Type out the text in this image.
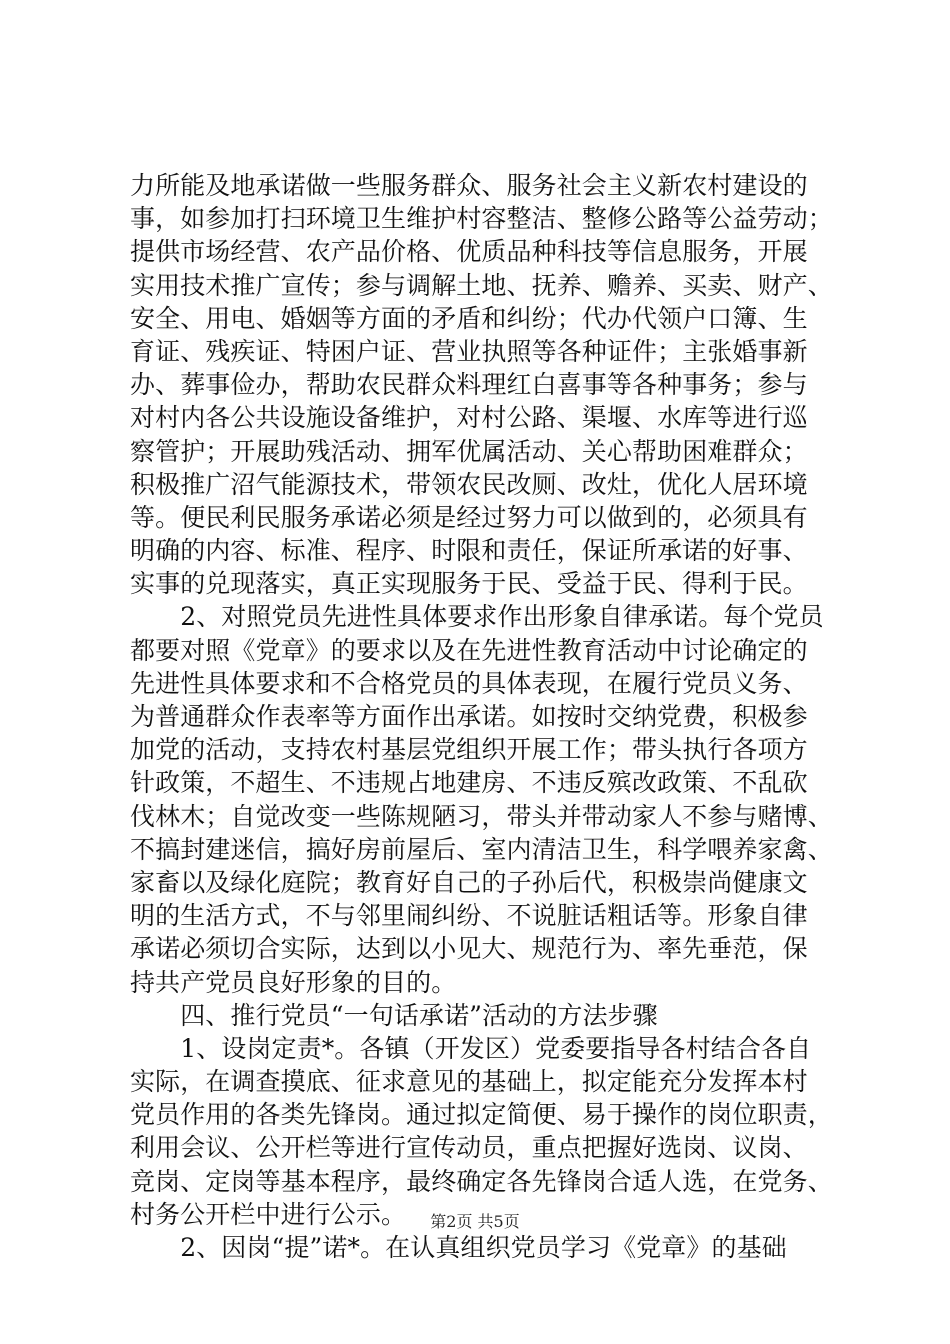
力所能及地承诺做一些服务群众、服务社会主义新农村建设的
事，如参加打扫环境卫生维护村容整洁、整修公路等公益劳动；
提供市场经营、农产品价格、优质品种科技等信息服务，开展
实用技术推广宣传；参与调解土地、抚养、赡养、买卖、财产、
安全、用电、婚姻等方面的矛盾和纠纷；代办代领户口簿、生
育证、残疾证、特困户证、营业执照等各种证件；主张婚事新
办、葬事俭办，帮助农民群众料理红白喜事等各种事务；参与
对村内各公共设施设备维护，对村公路、渠堰、水库等进行巡
察管护；开展助残活动、拥军优属活动、关心帮助困难群众；
积极推广沼气能源技术，带领农民改厕、改灶，优化人居环境
等。便民利民服务承诺必须是经过努力可以做到的，必须具有
明确的内容、标准、程序、时限和责任，保证所承诺的好事、
实事的兑现落实，真正实现服务于民、受益于民、得利于民。
　　2、对照党员先进性具体要求作出形象自律承诺。每个党员
都要对照《党章》的要求以及在先进性教育活动中讨论确定的
先进性具体要求和不合格党员的具体表现，在履行党员义务、
为普通群众作表率等方面作出承诺。如按时交纳党费，积极参
加党的活动，支持农村基层党组织开展工作；带头执行各项方
针政策，不超生、不违规占地建房、不违反殡改政策、不乱砍
伐林木；自觉改变一些陈规陋习，带头并带动家人不参与赌博、
不搞封建迷信，搞好房前屋后、室内清洁卫生，科学喂养家禽、
家畜以及绿化庭院；教育好自己的子孙后代，积极崇尚健康文
明的生活方式，不与邻里闹纠纷、不说脏话粗话等。形象自律
承诺必须切合实际，达到以小见大、规范行为、率先垂范，保
持共产党员良好形象的目的。
　　四、推行党员“一句话承诺”活动的方法步骤
　　1、设岗定责*。各镇（开发区）党委要指导各村结合各自
实际，在调查摸底、征求意见的基础上，拟定能充分发挥本村
党员作用的各类先锋岗。通过拟定简便、易于操作的岗位职责，
利用会议、公开栏等进行宣传动员，重点把握好选岗、议岗、
竞岗、定岗等基本程序，最终确定各先锋岗合适人选，在党务、
村务公开栏中进行公示。
　　2、因岗“提”诺*。在认真组织党员学习《党章》的基础
第2页 共5页
